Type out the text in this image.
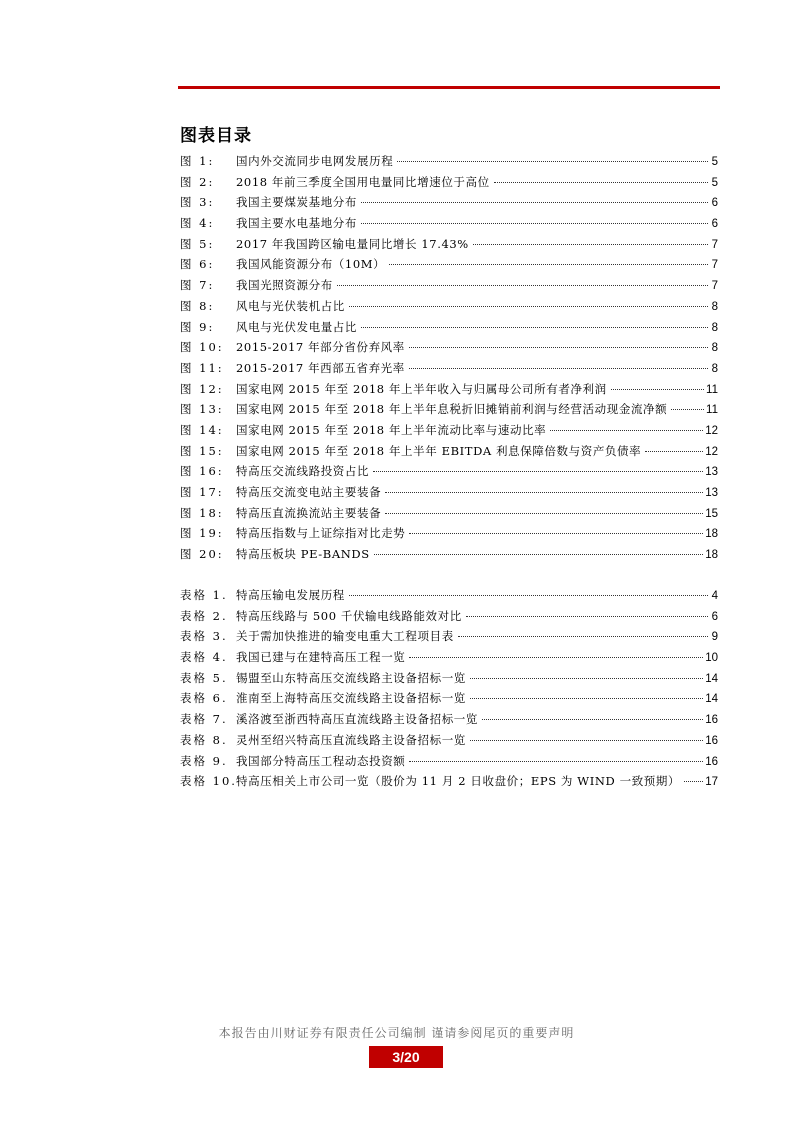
图表目录
图 1:	国内外交流同步电网发展历程	5
图 2:	2018 年前三季度全国用电量同比增速位于高位	5
图 3:	我国主要煤炭基地分布	6
图 4:	我国主要水电基地分布	6
图 5:	2017 年我国跨区输电量同比增长 17.43%	7
图 6:	我国风能资源分布（10M）	7
图 7:	我国光照资源分布	7
图 8:	风电与光伏装机占比	8
图 9:	风电与光伏发电量占比	8
图 10:	2015-2017 年部分省份弃风率	8
图 11:	2015-2017 年西部五省弃光率	8
图 12:	国家电网 2015 年至 2018 年上半年收入与归属母公司所有者净利润	11
图 13:	国家电网 2015 年至 2018 年上半年息税折旧摊销前利润与经营活动现金流净额	11
图 14:	国家电网 2015 年至 2018 年上半年流动比率与速动比率	12
图 15:	国家电网 2015 年至 2018 年上半年 EBITDA 利息保障倍数与资产负债率	12
图 16:	特高压交流线路投资占比	13
图 17:	特高压交流变电站主要装备	13
图 18:	特高压直流换流站主要装备	15
图 19:	特高压指数与上证综指对比走势	18
图 20:	特高压板块 PE-BANDS	18
表格 1. 特高压输电发展历程	4
表格 2. 特高压线路与 500 千伏输电线路能效对比	6
表格 3. 关于需加快推进的输变电重大工程项目表	9
表格 4. 我国已建与在建特高压工程一览	10
表格 5. 锡盟至山东特高压交流线路主设备招标一览	14
表格 6. 淮南至上海特高压交流线路主设备招标一览	14
表格 7. 溪洛渡至浙西特高压直流线路主设备招标一览	16
表格 8. 灵州至绍兴特高压直流线路主设备招标一览	16
表格 9. 我国部分特高压工程动态投资额	16
表格 10. 特高压相关上市公司一览（股价为 11 月 2 日收盘价；EPS 为 WIND 一致预期） 17
本报告由川财证券有限责任公司编制 谨请参阅尾页的重要声明
3/20
